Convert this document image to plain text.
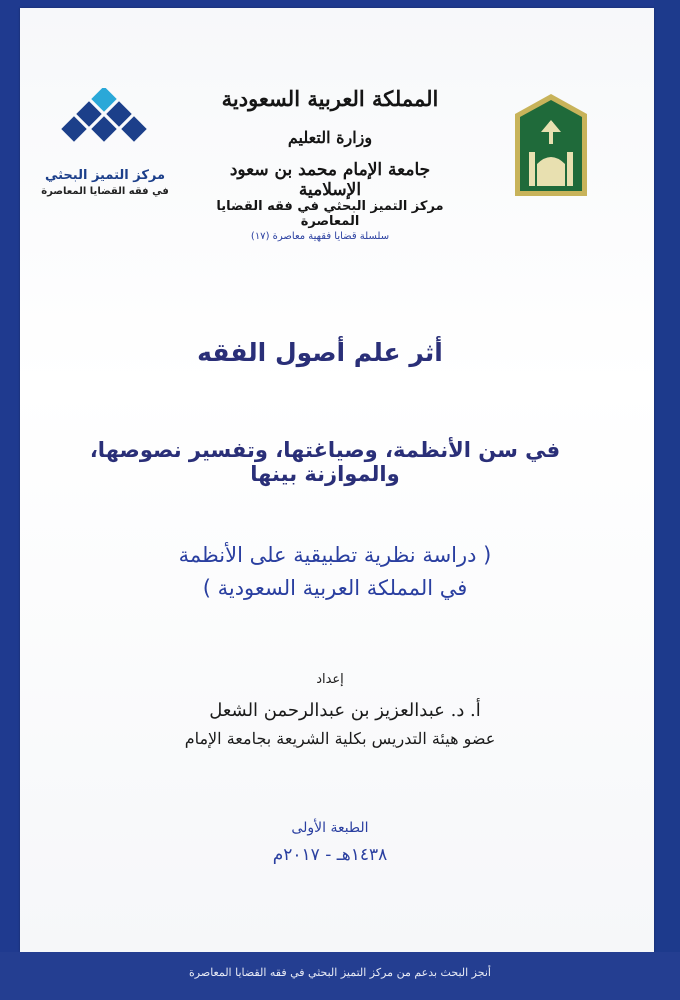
مركز التميز البحثي
في فقه القضايا المعاصرة
المملكة العربية السعودية
وزارة التعليم
جامعة الإمام محمد بن سعود الإسلامية
مركز التميز البحثي في فقه القضايا المعاصرة
سلسلة قضايا فقهية معاصرة (١٧)
أثر علم أصول الفقه
في سن الأنظمة، وصياغتها، وتفسير نصوصها، والموازنة بينها
( دراسة نظرية تطبيقية على الأنظمة
في المملكة العربية السعودية )
إعداد
أ. د. عبدالعزيز بن عبدالرحمن الشعل
عضو هيئة التدريس بكلية الشريعة بجامعة الإمام
الطبعة الأولى
١٤٣٨هـ - ٢٠١٧م
أنجز البحث بدعم من مركز التميز البحثي في فقه القضايا المعاصرة
